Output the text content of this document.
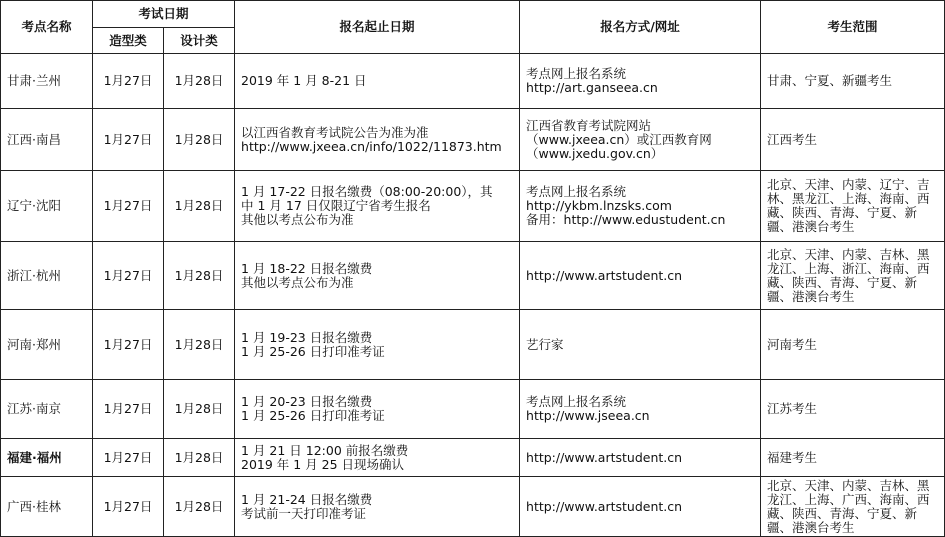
考点名称	考试日期		报名起止日期	报名方式/网址	考生范围
	造型类	设计类			
甘肃·兰州	1月27日	1月28日	2019 年 1 月 8-21 日	考点网上报名系统
http://art.ganseea.cn	甘肃、宁夏、新疆考生
江西·南昌	1月27日	1月28日	以江西省教育考试院公告为准为准
http://www.jxeea.cn/info/1022/11873.htm	江西省教育考试院网站
（www.jxeea.cn）或江西教育网
（www.jxedu.gov.cn）	江西考生
辽宁·沈阳	1月27日	1月28日	1 月 17-22 日报名缴费（08:00-20:00），其
中 1 月 17 日仅限辽宁省考生报名
其他以考点公布为准	考点网上报名系统
http://ykbm.lnzsks.com
备用：http://www.edustudent.cn	北京、天津、内蒙、辽宁、吉林、黑龙江、上海、海南、西藏、陕西、青海、宁夏、新疆、港澳台考生
浙江·杭州	1月27日	1月28日	1 月 18-22 日报名缴费
其他以考点公布为准	http://www.artstudent.cn	北京、天津、内蒙、吉林、黑龙江、上海、浙江、海南、西藏、陕西、青海、宁夏、新疆、港澳台考生
河南·郑州	1月27日	1月28日	1 月 19-23 日报名缴费
1 月 25-26 日打印准考证	艺行家	河南考生
江苏·南京	1月27日	1月28日	1 月 20-23 日报名缴费
1 月 25-26 日打印准考证	考点网上报名系统
http://www.jseea.cn	江苏考生
福建·福州	1月27日	1月28日	1 月 21 日 12:00 前报名缴费
2019 年 1 月 25 日现场确认	http://www.artstudent.cn	福建考生
广西·桂林	1月27日	1月28日	1 月 21-24 日报名缴费
考试前一天打印准考证	http://www.artstudent.cn	北京、天津、内蒙、吉林、黑龙江、上海、广西、海南、西藏、陕西、青海、宁夏、新疆、港澳台考生
